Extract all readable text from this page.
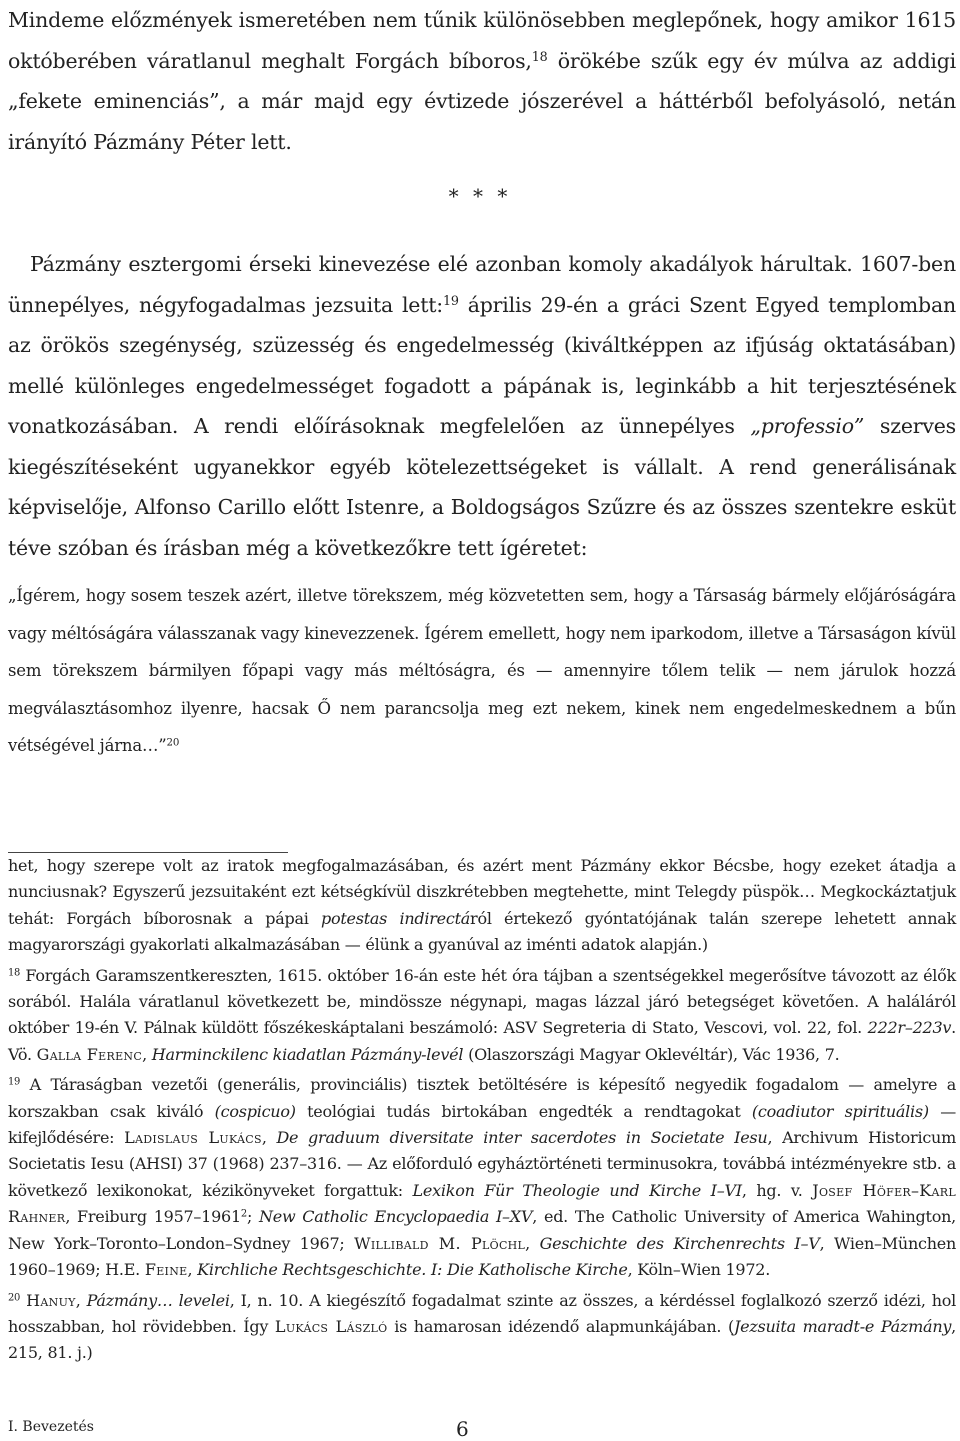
Mindeme előzmények ismeretében nem tűnik különösebben meglepőnek, hogy amikor 1615 októberében váratlanul meghalt Forgách bíboros,$^{18}$ örökébe szűk egy év múlva az addigi „fekete eminenciás”, a már majd egy évtizede jószerével a háttérből befolyásoló, netán irányító Pázmány Péter lett.
* * *
Pázmány esztergomi érseki kinevezése elé azonban komoly akadályok hárultak. 1607-ben ünnepélyes, négyfogadalmas jezsuita lett:$^{19}$ április 29-én a gráci Szent Egyed templomban az örökös szegénység, szüzesség és engedelmesség (kiváltképpen az ifjúság oktatásában) mellé különleges engedelmességet fogadott a pápának is, leginkább a hit terjesztésének vonatkozásában. A rendi előírásoknak megfelelően az ünnepélyes „professio” szerves kiegészítéseként ugyanekkor egyéb kötelezettségeket is vállalt. A rend generálisának képviselője, Alfonso Carillo előtt Istenre, a Boldogságos Szűzre és az összes szentekre esküt téve szóban és írásban még a következőkre tett ígéretet:
„Ígérem, hogy sosem teszek azért, illetve törekszem, még közvetetten sem, hogy a Társaság bármely előjáróságára vagy méltóságára válasszanak vagy kinevezzenek. Ígérem emellett, hogy nem iparkodom, illetve a Társaságon kívül sem törekszem bármilyen főpapi vagy más méltóságra, és — amennyire tőlem telik — nem járulok hozzá megválasztásomhoz ilyenre, hacsak Ő nem parancsolja meg ezt nekem, kinek nem engedelmeskednem a bűn vétségével járna…”$^{20}$

het, hogy szerepe volt az iratok megfogalmazásában, és azért ment Pázmány ekkor Bécsbe, hogy ezeket átadja a nunciusnak? Egyszerű jezsuitaként ezt kétségkívül diszkrétebben megtehette, mint Telegdy püspök… Megkockáztatjuk tehát: Forgách bíborosnak a pápai potestas indirectáról értekező gyóntatójának talán szerepe lehetett annak magyarországi gyakorlati alkalmazásában — élünk a gyanúval az iménti adatok alapján.)

$^{18}$ Forgách Garamszentkereszten, 1615. október 16-án este hét óra tájban a szentségekkel megerősítve távozott az élők sorából. Halála váratlanul következett be, mindössze négynapi, magas lázzal járó betegséget követően. A haláláról október 19-én V. Pálnak küldött főszékeskáptalani beszámoló: ASV Segreteria di Stato, Vescovi, vol. 22, fol. 222r–223v. Vö. Galla Ferenc, Harminckilenc kiadatlan Pázmány-levél (Olaszországi Magyar Oklevéltár), Vác 1936, 7.

$^{19}$ A Táraságban vezetői (generális, provinciális) tisztek betöltésére is képesítő negyedik fogadalom — amelyre a korszakban csak kiváló (cospicuo) teológiai tudás birtokában engedték a rendtagokat (coadiutor spirituális) — kifejlődésére: Ladislaus Lukács, De graduum diversitate inter sacerdotes in Societate Iesu, Archivum Historicum Societatis Iesu (AHSI) 37 (1968) 237–316. — Az előforduló egyháztörténeti terminusokra, továbbá intézményekre stb. a következő lexikonokat, kézikönyveket forgattuk: Lexikon Für Theologie und Kirche I–VI, hg. v. Josef Höfer–Karl Rahner, Freiburg 1957–1961$^2$; New Catholic Encyclopaedia I–XV, ed. The Catholic University of America Wahington, New York–Toronto–London–Sydney 1967; Willibald M. Plöchl, Geschichte des Kirchenrechts I–V, Wien–München 1960–1969; H.E. Feine, Kirchliche Rechtsgeschichte. I: Die Katholische Kirche, Köln–Wien 1972.

$^{20}$ Hanuy, Pázmány… levelei, I, n. 10. A kiegészítő fogadalmat szinte az összes, a kérdéssel foglalkozó szerző idézi, hol hosszabban, hol rövidebben. Így Lukács László is hamarosan idézendő alapmunkájában. (Jezsuita maradt-e Pázmány, 215, 81. j.)

I. Bevezetés	6
